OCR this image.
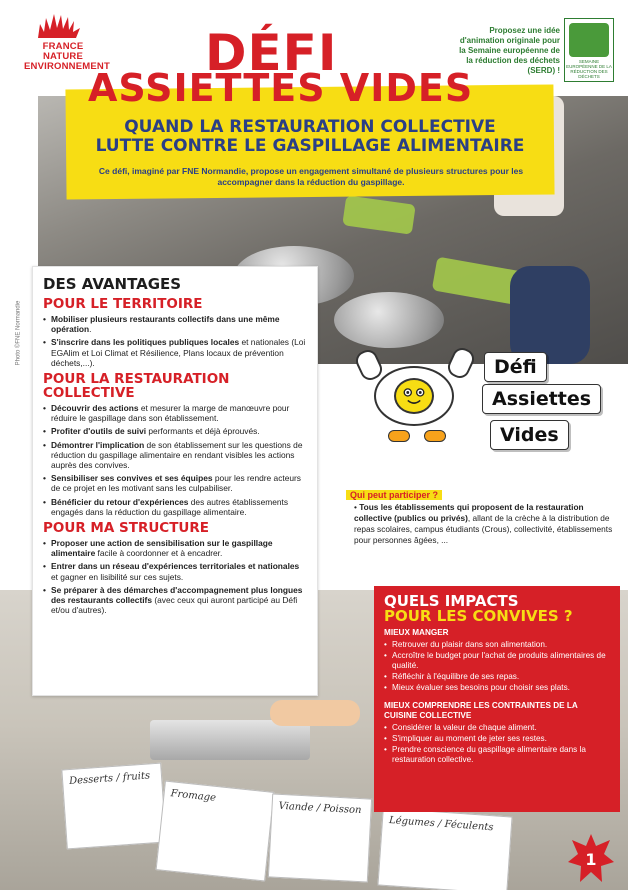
Desserts / fruits
Fromage
Viande / Poisson
Légumes / Féculents
FRANCE NATURE
ENVIRONNEMENT DÉFI
ASSIETTES VIDES
QUAND LA RESTAURATION COLLECTIVE
LUTTE CONTRE LE GASPILLAGE ALIMENTAIRE
Ce défi, imaginé par FNE Normandie, propose un engagement simultané de plusieurs structures pour les accompagner dans la réduction du gaspillage.
Proposez une idée d'animation originale pour la Semaine européenne de la réduction des déchets (SERD) !
SEMAINE EUROPÉENNE DE LA RÉDUCTION DES DÉCHETS
Photo ©FNE Normandie
DES AVANTAGES
POUR LE TERRITOIRE
• Mobiliser plusieurs restaurants collectifs dans une même opération.
• S'inscrire dans les politiques publiques locales et nationales (Loi EGAlim et Loi Climat et Résilience, Plans locaux de prévention déchets,...).
POUR LA RESTAURATION COLLECTIVE
• Découvrir des actions et mesurer la marge de manœuvre pour réduire le gaspillage dans son établissement.
• Profiter d'outils de suivi performants et déjà éprouvés.
• Démontrer l'implication de son établissement sur les questions de réduction du gaspillage alimentaire en rendant visibles les actions auprès des convives.
• Sensibiliser ses convives et ses équipes pour les rendre acteurs de ce projet en les motivant sans les culpabiliser.
• Bénéficier du retour d'expériences des autres établissements engagés dans la réduction du gaspillage alimentaire.
POUR MA STRUCTURE
• Proposer une action de sensibilisation sur le gaspillage alimentaire facile à coordonner et à encadrer.
• Entrer dans un réseau d'expériences territoriales et nationales et gagner en lisibilité sur ces sujets.
• Se préparer à des démarches d'accompagnement plus longues des restaurants collectifs (avec ceux qui auront participé au Défi et/ou d'autres).
Défi
Assiettes
Vides
Qui peut participer ?
• Tous les établissements qui proposent de la restauration collective (publics ou privés), allant de la crèche à la distribution de repas scolaires, campus étudiants (Crous), collectivité, établissements pour personnes âgées, ...
QUELS IMPACTS
POUR LES CONVIVES ?
MIEUX MANGER
• Retrouver du plaisir dans son alimentation.
• Accroître le budget pour l'achat de produits alimentaires de qualité.
• Réfléchir à l'équilibre de ses repas.
• Mieux évaluer ses besoins pour choisir ses plats.
MIEUX COMPRENDRE LES CONTRAINTES DE LA CUISINE COLLECTIVE
• Considérer la valeur de chaque aliment.
• S'impliquer au moment de jeter ses restes.
• Prendre conscience du gaspillage alimentaire dans la restauration collective.
1
